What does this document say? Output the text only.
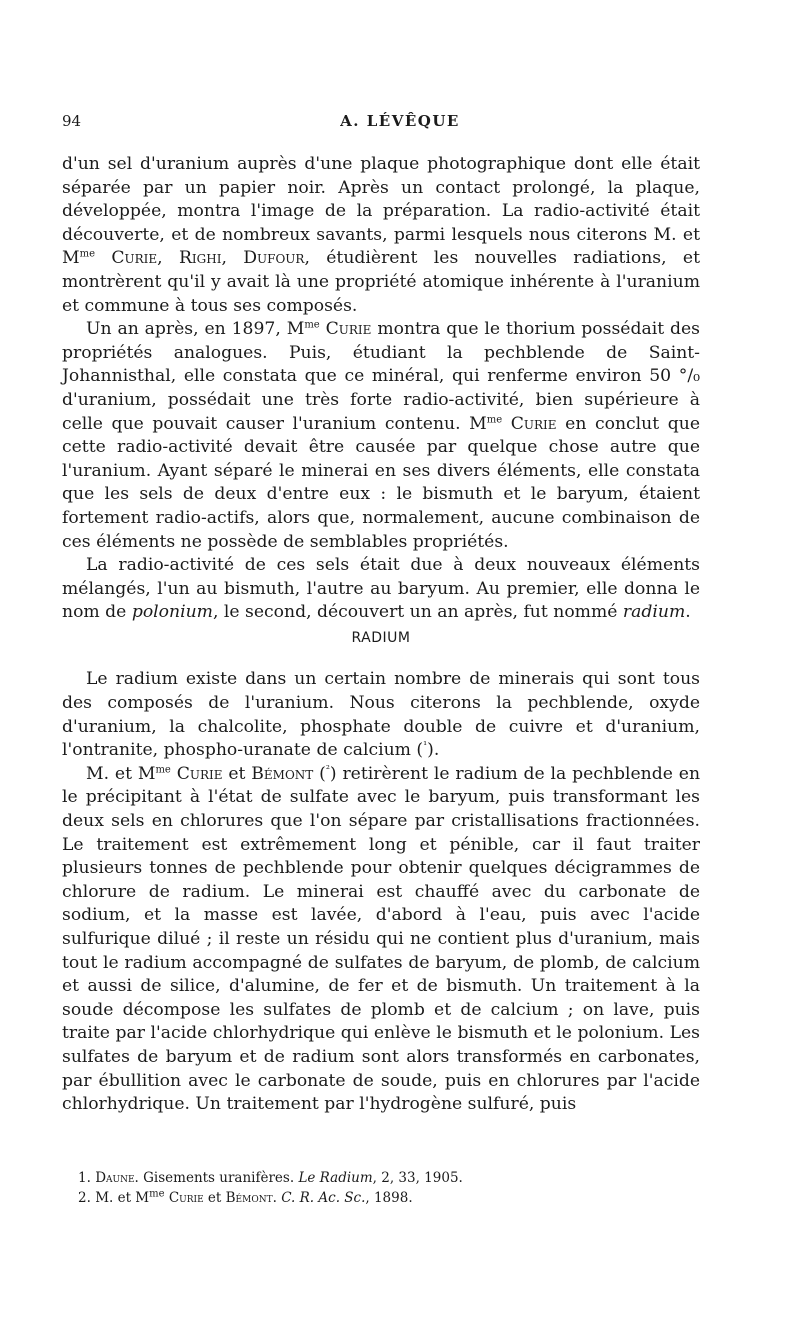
94	A. LÉVÊQUE

d'un sel d'uranium auprès d'une plaque photographique dont elle était séparée par un papier noir. Après un contact prolongé, la plaque, développée, montra l'image de la préparation. La radio-activité était découverte, et de nombreux savants, parmi lesquels nous citerons M. et $M^{me}$ Curie, Righi, Dufour, étudièrent les nouvelles radiations, et montrèrent qu'il y avait là une propriété atomique inhérente à l'uranium et commune à tous ses composés.

Un an après, en 1897, $M^{me}$ Curie montra que le thorium possédait des propriétés analogues. Puis, étudiant la pechblende de Saint-Johannisthal, elle constata que ce minéral, qui renferme environ 50 °/₀ d'uranium, possédait une très forte radio-activité, bien supérieure à celle que pouvait causer l'uranium contenu. $M^{me}$ Curie en conclut que cette radio-activité devait être causée par quelque chose autre que l'uranium. Ayant séparé le minerai en ses divers éléments, elle constata que les sels de deux d'entre eux : le bismuth et le baryum, étaient fortement radio-actifs, alors que, normalement, aucune combinaison de ces éléments ne possède de semblables propriétés.

La radio-activité de ces sels était due à deux nouveaux éléments mélangés, l'un au bismuth, l'autre au baryum. Au premier, elle donna le nom de polonium, le second, découvert un an après, fut nommé radium.

RADIUM

Le radium existe dans un certain nombre de minerais qui sont tous des composés de l'uranium. Nous citerons la pechblende, oxyde d'uranium, la chalcolite, phosphate double de cuivre et d'uranium, l'ontranite, phospho-uranate de calcium ($^{^1}$).

M. et $M^{me}$ Curie et Bémont ($^{^2}$) retirèrent le radium de la pechblende en le précipitant à l'état de sulfate avec le baryum, puis transformant les deux sels en chlorures que l'on sépare par cristallisations fractionnées. Le traitement est extrêmement long et pénible, car il faut traiter plusieurs tonnes de pechblende pour obtenir quelques décigrammes de chlorure de radium. Le minerai est chauffé avec du carbonate de sodium, et la masse est lavée, d'abord à l'eau, puis avec l'acide sulfurique dilué ; il reste un résidu qui ne contient plus d'uranium, mais tout le radium accompagné de sulfates de baryum, de plomb, de calcium et aussi de silice, d'alumine, de fer et de bismuth. Un traitement à la soude décompose les sulfates de plomb et de calcium ; on lave, puis traite par l'acide chlorhydrique qui enlève le bismuth et le polonium. Les sulfates de baryum et de radium sont alors transformés en carbonates, par ébullition avec le carbonate de soude, puis en chlorures par l'acide chlorhydrique. Un traitement par l'hydrogène sulfuré, puis

1. Daune. Gisements uranifères. Le Radium, 2, 33, 1905.
2. M. et $M^{me}$ Curie et Bémont. C. R. Ac. Sc., 1898.
